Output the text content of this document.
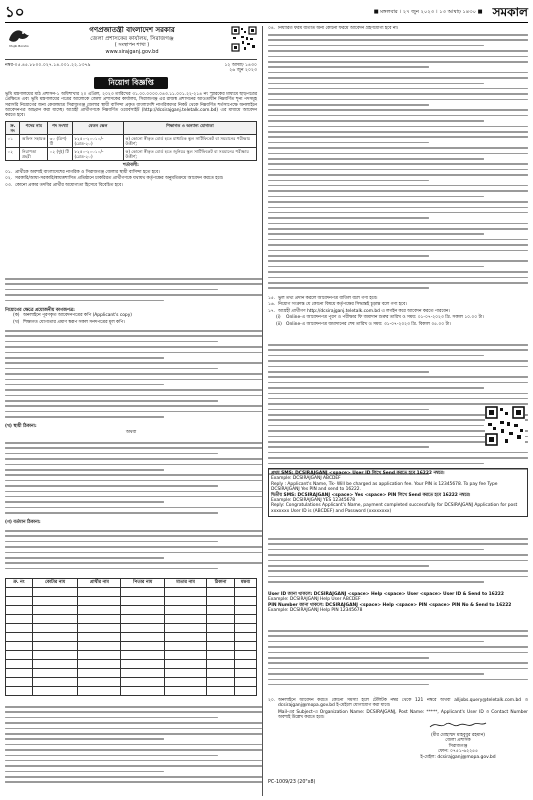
১০	■ মঙ্গলবার । ২৭ জুন ২০২৩ । ১৩ আষাঢ় ১৪৩০ ■ সমকাল
Mujib Borsho
গণপ্রজাতন্ত্রী বাংলাদেশ সরকার
জেলা প্রশাসকের কার্যালয়, সিরাজগঞ্জ
( সংস্থাপন শাখা )
www.sirajganj.gov.bd
নম্বর-০৫.৪৫.৮৮০০.০২৭.১৪.০০১.২২.১৩৭৯	১২ আষাঢ় ১৪৩০
২৬ জুন ২০২৩
নিয়োগ বিজ্ঞপ্তি

ভূমি মন্ত্রণালয়ের মাঠ প্রশাসন-১ অধিশাখার ২০ এপ্রিল, ২০২৩ তারিখের ৩১.০০.০০০০.০৪৩.১১.০০১.২২-২১৪ নং স্মারকের মাধ্যমে ছাড়পত্রের প্রেক্ষিতে এবং ভূমি মন্ত্রণালয়ের পত্রের আলোকে জেলা প্রশাসকের কার্যালয়, সিরাজগঞ্জ এর রাজস্ব প্রশাসনের আওতাধীন নিম্নবর্ণিত শূন্য পদসমূহ সরাসরি নিয়োগের জন্য কেবলমাত্র সিরাজগঞ্জ জেলার স্থায়ী বাসিন্দা প্রকৃত বাংলাদেশি নাগরিকদের নিকট থেকে নিম্নবর্ণিত শর্তসাপেক্ষে অনলাইনে আবেদনপত্র আহ্বান করা যাচ্ছে। আগ্রহী প্রার্থীগণকে নিম্নবর্ণিত ওয়েবসাইট (http://dcsirajganj.teletalk.com.bd) এর মাধ্যমে আবেদন করতে হবে।

ক্র. নং	পদের নাম	পদ সংখ্যা	বেতন স্কেল	শিক্ষাগত ও অন্যান্য যোগ্যতা
০১	অফিস সহায়ক	৩০ (ত্রিশ) টি	৮২৫০-২০০১০/- (গ্রেড-২০)	ক) কোনো স্বীকৃত বোর্ড হতে মাধ্যমিক স্কুল সার্টিফিকেট বা সমমানের পরীক্ষায় উত্তীর্ণ;
০২	নিরাপত্তা প্রহরী	০২ (দুই) টি	৮২৫০-২০০১০/- (গ্রেড-২০)	ক) কোনো স্বীকৃত বোর্ড হতে জুনিয়র স্কুল সার্টিফিকেট বা সমমানের পরীক্ষায় উত্তীর্ণ;
শর্তাবলী:
০১. প্রার্থীকে অবশ্যই বাংলাদেশের নাগরিক ও সিরাজগঞ্জ জেলার স্থায়ী বাসিন্দা হতে হবে।
০২. সরকারি/আধা-সরকারি/স্বায়ত্তশাসিত প্রতিষ্ঠানে চাকরিরত প্রার্থীগণকে যথাযথ কর্তৃপক্ষের অনুমতিক্রমে আবেদন করতে হবে।
০৩. কোনো প্রকার তদবির প্রার্থীর অযোগ্যতা হিসেবে বিবেচিত হবে।
নিয়োগের ক্ষেত্রে প্রয়োজনীয় কাগজপত্র:
(ক) অনলাইনে পূরণকৃত আবেদনপত্রের কপি (Applicant's copy)
(খ) শিক্ষাগত যোগ্যতার প্রমাণ স্বরূপ সকল সনদপত্রের মূল কপি।
(খ) স্থায়ী ঠিকানা:
অথবা
(গ) বর্তমান ঠিকানা:
ক্র. নং	কোটার নাম	প্রার্থীর নাম	পিতার নাম	মাতার নাম	ঠিকানা	মন্তব্য

০৪. নির্ধারিত ফরম ব্যতীত অন্য কোনো ফরমে আবেদন গ্রহণযোগ্য হবে না।
১৫. ভুল তথ্য প্রদান করলে আবেদনপত্র বাতিল বলে গণ্য হবে।
১৬. নিয়োগ সংক্রান্ত যে কোনো বিষয়ে কর্তৃপক্ষের সিদ্ধান্তই চূড়ান্ত বলে গণ্য হবে।
১৭. আগ্রহী প্রার্থীগণ http://dcsirajganj.teletalk.com.bd এ লগইন করে আবেদন করতে পারবেন।
(i)	Online-এ আবেদনপত্র পূরণ ও পরীক্ষার ফি জমাদান শুরুর তারিখ ও সময়: ০১-০৭-২০২৩ খ্রি. সকাল ১০.০০ টা।
(ii) Online-এ আবেদনপত্র জমাদানের শেষ তারিখ ও সময়: ৩১-০৭-২০২৩ খ্রি. বিকাল ০৫.০০ টা।
প্রথম SMS: DCSIRAJGANJ <space> User ID লিখে Send করতে হবে 16222 নম্বরে।
Example: DCSIRAJGANJ ABCDEF
Reply : Applicant's Name, Tk- Will be charged as application fee. Your PIN is 12345678. To pay fee Type DCSIRAJGANJ Yes PIN and send to 16222.
দ্বিতীয় SMS: DCSIRAJGANJ <space> Yes <space> PIN লিখে Send করতে হবে 16222 নম্বরে।
Example: DCSIRAJGANJ YES 12345678
Reply: Congratulations Applicant's Name, payment completed successfully for DCSIRAJGANJ Application for post xxxxxxx User ID is (ABCDEF) and Password (xxxxxxxx)
User ID জানা থাকলে: DCSIRAJGANJ <space> Help <space> User <space> User ID & Send to 16222
Example: DCSIRAJGANJ Help User ABCDEF
PIN Number জানা থাকলে: DCSIRAJGANJ <space> Help <space> PIN <space> PIN No & Send to 16222
Example: DCSIRAJGANJ Help PIN 12345678
২০. অনলাইনে আবেদন করতে কোনো সমস্যা হলে টেলিটক নম্বর থেকে 121 নম্বরে অথবা alljobs.query@teletalk.com.bd ও dcsirajganj@mopa.gov.bd ই-মেইলে যোগাযোগ করা যাবে।
Mail-এর Subject-এ Organization Name: DCSIRAJGANJ, Post Name: *****, Applicant's User ID ও Contact Number অবশ্যই উল্লেখ করতে হবে।
(মীর মোহাম্মদ মাহবুবুর রহমান)
জেলা প্রশাসক
সিরাজগঞ্জ
ফোন: ০৭৫১-৬২২৫৫
ই-মেইল: dcsirajganj@mopa.gov.bd
PC-1009/23 (20"x8)
